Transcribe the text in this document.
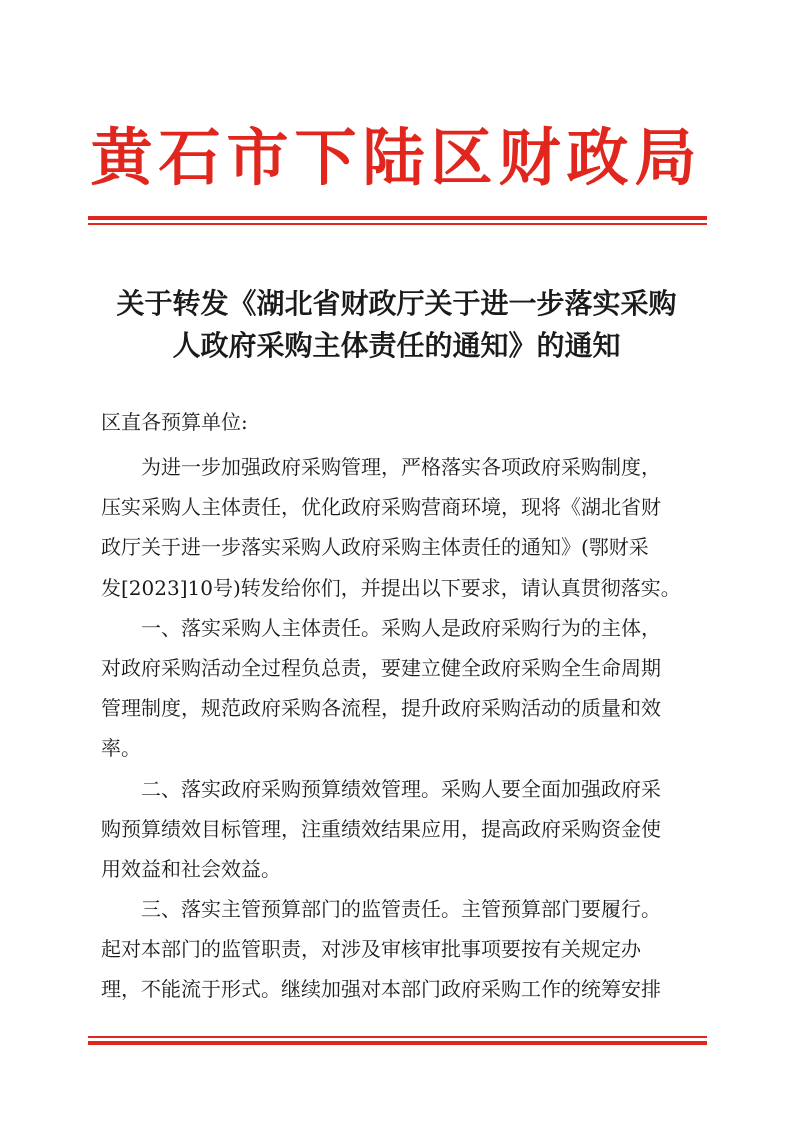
黄石市下陆区财政局
关于转发《湖北省财政厅关于进一步落实采购
人政府采购主体责任的通知》的通知
区直各预算单位:
为进一步加强政府采购管理，严格落实各项政府采购制度，
压实采购人主体责任，优化政府采购营商环境，现将《湖北省财
政厅关于进一步落实采购人政府采购主体责任的通知》(鄂财采
发[2023]10号)转发给你们，并提出以下要求，请认真贯彻落实。
一、落实采购人主体责任。采购人是政府采购行为的主体，
对政府采购活动全过程负总责，要建立健全政府采购全生命周期
管理制度，规范政府采购各流程，提升政府采购活动的质量和效
率。
二、落实政府采购预算绩效管理。采购人要全面加强政府采
购预算绩效目标管理，注重绩效结果应用，提高政府采购资金使
用效益和社会效益。
三、落实主管预算部门的监管责任。主管预算部门要履行。
起对本部门的监管职责，对涉及审核审批事项要按有关规定办
理，不能流于形式。继续加强对本部门政府采购工作的统筹安排
